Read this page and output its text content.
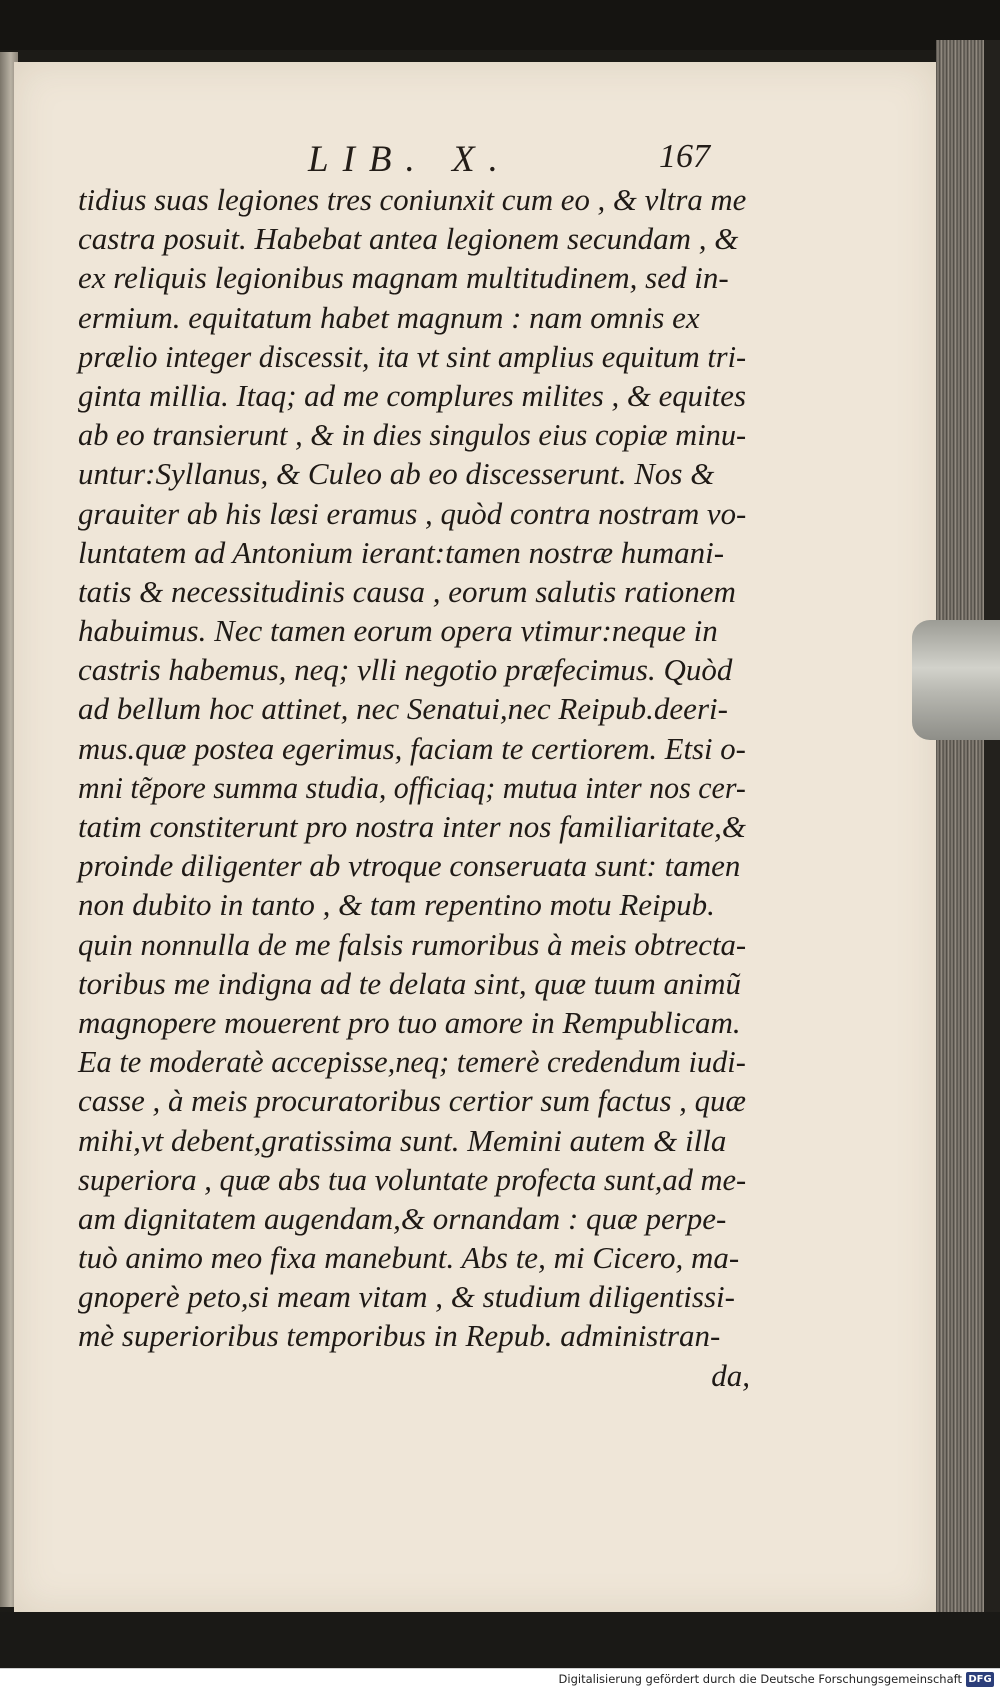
LIB. X.	167
tidius suas legiones tres coniunxit cum eo , & vltra me
castra posuit. Habebat antea legionem secundam , &
ex reliquis legionibus magnam multitudinem, sed in-
ermium. equitatum habet magnum : nam omnis ex
prælio integer discessit, ita vt sint amplius equitum tri-
ginta millia. Itaq; ad me complures milites , & equites
ab eo transierunt , & in dies singulos eius copiæ minu-
untur:Syllanus, & Culeo ab eo discesserunt. Nos &
grauiter ab his læsi eramus , quòd contra nostram vo-
luntatem ad Antonium ierant:tamen nostræ humani-
tatis & necessitudinis causa , eorum salutis rationem
habuimus. Nec tamen eorum opera vtimur:neque in
castris habemus, neq; vlli negotio præfecimus. Quòd
ad bellum hoc attinet, nec Senatui,nec Reipub.deeri-
mus.quæ postea egerimus, faciam te certiorem. Etsi o-
mni tẽpore summa studia, officiaq; mutua inter nos cer-
tatim constiterunt pro nostra inter nos familiaritate,&
proinde diligenter ab vtroque conseruata sunt: tamen
non dubito in tanto , & tam repentino motu Reipub.
quin nonnulla de me falsis rumoribus à meis obtrecta-
toribus me indigna ad te delata sint, quæ tuum animũ
magnopere mouerent pro tuo amore in Rempublicam.
Ea te moderatè accepisse,neq; temerè credendum iudi-
casse , à meis procuratoribus certior sum factus , quæ
mihi,vt debent,gratissima sunt. Memini autem & illa
superiora , quæ abs tua voluntate profecta sunt,ad me-
am dignitatem augendam,& ornandam : quæ perpe-
tuò animo meo fixa manebunt. Abs te, mi Cicero, ma-
gnoperè peto,si meam vitam , & studium diligentissi-
mè superioribus temporibus in Repub. administran-
da,
Digitalisierung gefördert durch die Deutsche Forschungsgemeinschaft DFG
